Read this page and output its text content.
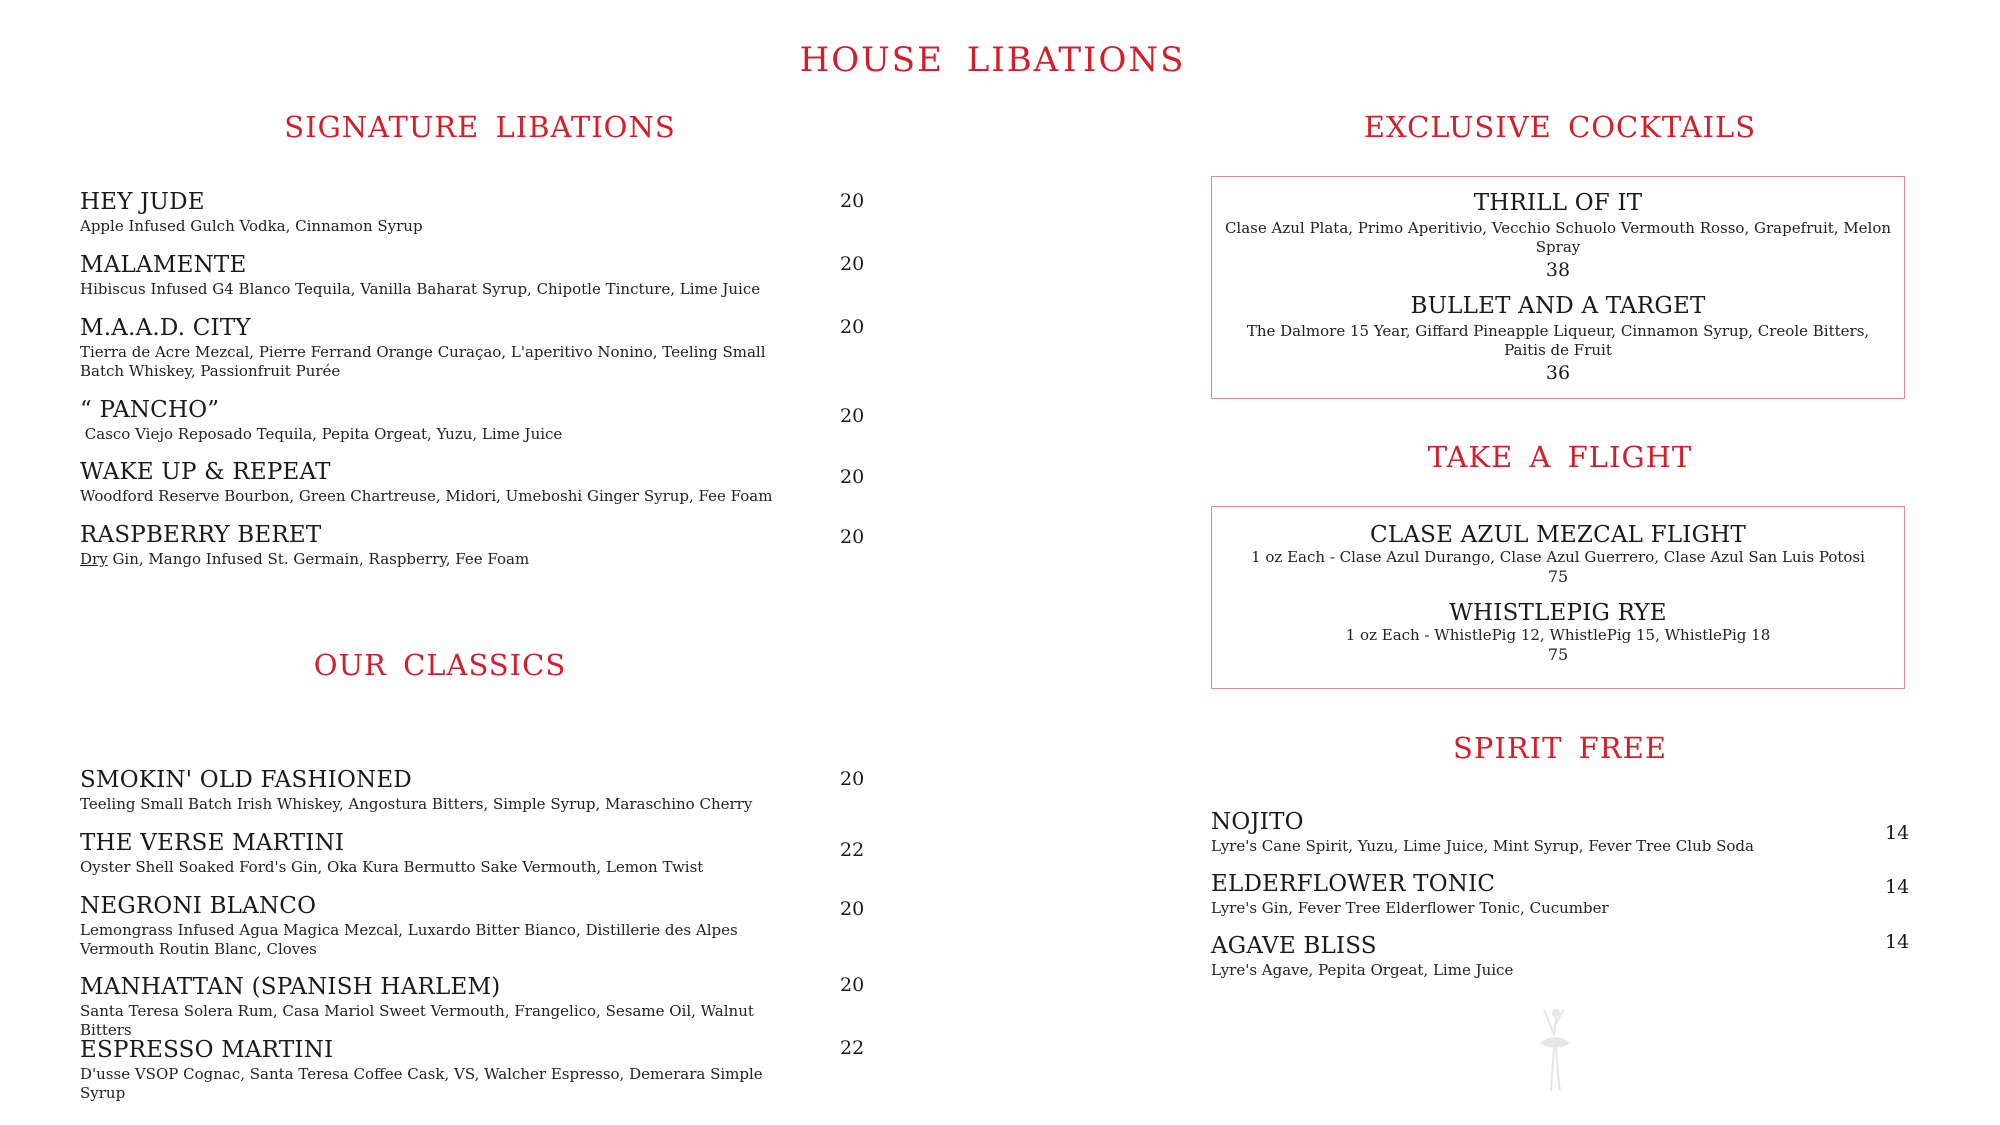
HOUSE LIBATIONS
SIGNATURE LIBATIONS
HEY JUDE
Apple Infused Gulch Vodka, Cinnamon Syrup
20
MALAMENTE
Hibiscus Infused G4 Blanco Tequila, Vanilla Baharat Syrup, Chipotle Tincture, Lime Juice
20
M.A.A.D. CITY
Tierra de Acre Mezcal, Pierre Ferrand Orange Curaçao, L'aperitivo Nonino, Teeling Small Batch Whiskey, Passionfruit Purée
20
“ PANCHO”
Casco Viejo Reposado Tequila, Pepita Orgeat, Yuzu, Lime Juice
20
WAKE UP & REPEAT
Woodford Reserve Bourbon, Green Chartreuse, Midori, Umeboshi Ginger Syrup, Fee Foam
20
RASPBERRY BERET
Dry Gin, Mango Infused St. Germain, Raspberry, Fee Foam
20
OUR CLASSICS
SMOKIN' OLD FASHIONED
Teeling Small Batch Irish Whiskey, Angostura Bitters, Simple Syrup, Maraschino Cherry
20
THE VERSE MARTINI
Oyster Shell Soaked Ford's Gin, Oka Kura Bermutto Sake Vermouth, Lemon Twist
22
NEGRONI BLANCO
Lemongrass Infused Agua Magica Mezcal, Luxardo Bitter Bianco, Distillerie des Alpes Vermouth Routin Blanc, Cloves
20
MANHATTAN (SPANISH HARLEM)
Santa Teresa Solera Rum, Casa Mariol Sweet Vermouth, Frangelico, Sesame Oil, Walnut Bitters
20
ESPRESSO MARTINI
D'usse VSOP Cognac, Santa Teresa Coffee Cask, VS, Walcher Espresso, Demerara Simple Syrup
22
EXCLUSIVE COCKTAILS
THRILL OF IT
Clase Azul Plata, Primo Aperitivio, Vecchio Schuolo Vermouth Rosso, Grapefruit, Melon Spray
38
BULLET AND A TARGET
The Dalmore 15 Year, Giffard Pineapple Liqueur, Cinnamon Syrup, Creole Bitters, Paitis de Fruit
36
TAKE A FLIGHT
CLASE AZUL MEZCAL FLIGHT
1 oz Each - Clase Azul Durango, Clase Azul Guerrero, Clase Azul San Luis Potosi
75
WHISTLEPIG RYE
1 oz Each - WhistlePig 12, WhistlePig 15, WhistlePig 18
75
SPIRIT FREE
NOJITO
Lyre's Cane Spirit, Yuzu, Lime Juice, Mint Syrup, Fever Tree Club Soda
14
ELDERFLOWER TONIC
Lyre's Gin, Fever Tree Elderflower Tonic, Cucumber
14
AGAVE BLISS
Lyre's Agave, Pepita Orgeat, Lime Juice
14
